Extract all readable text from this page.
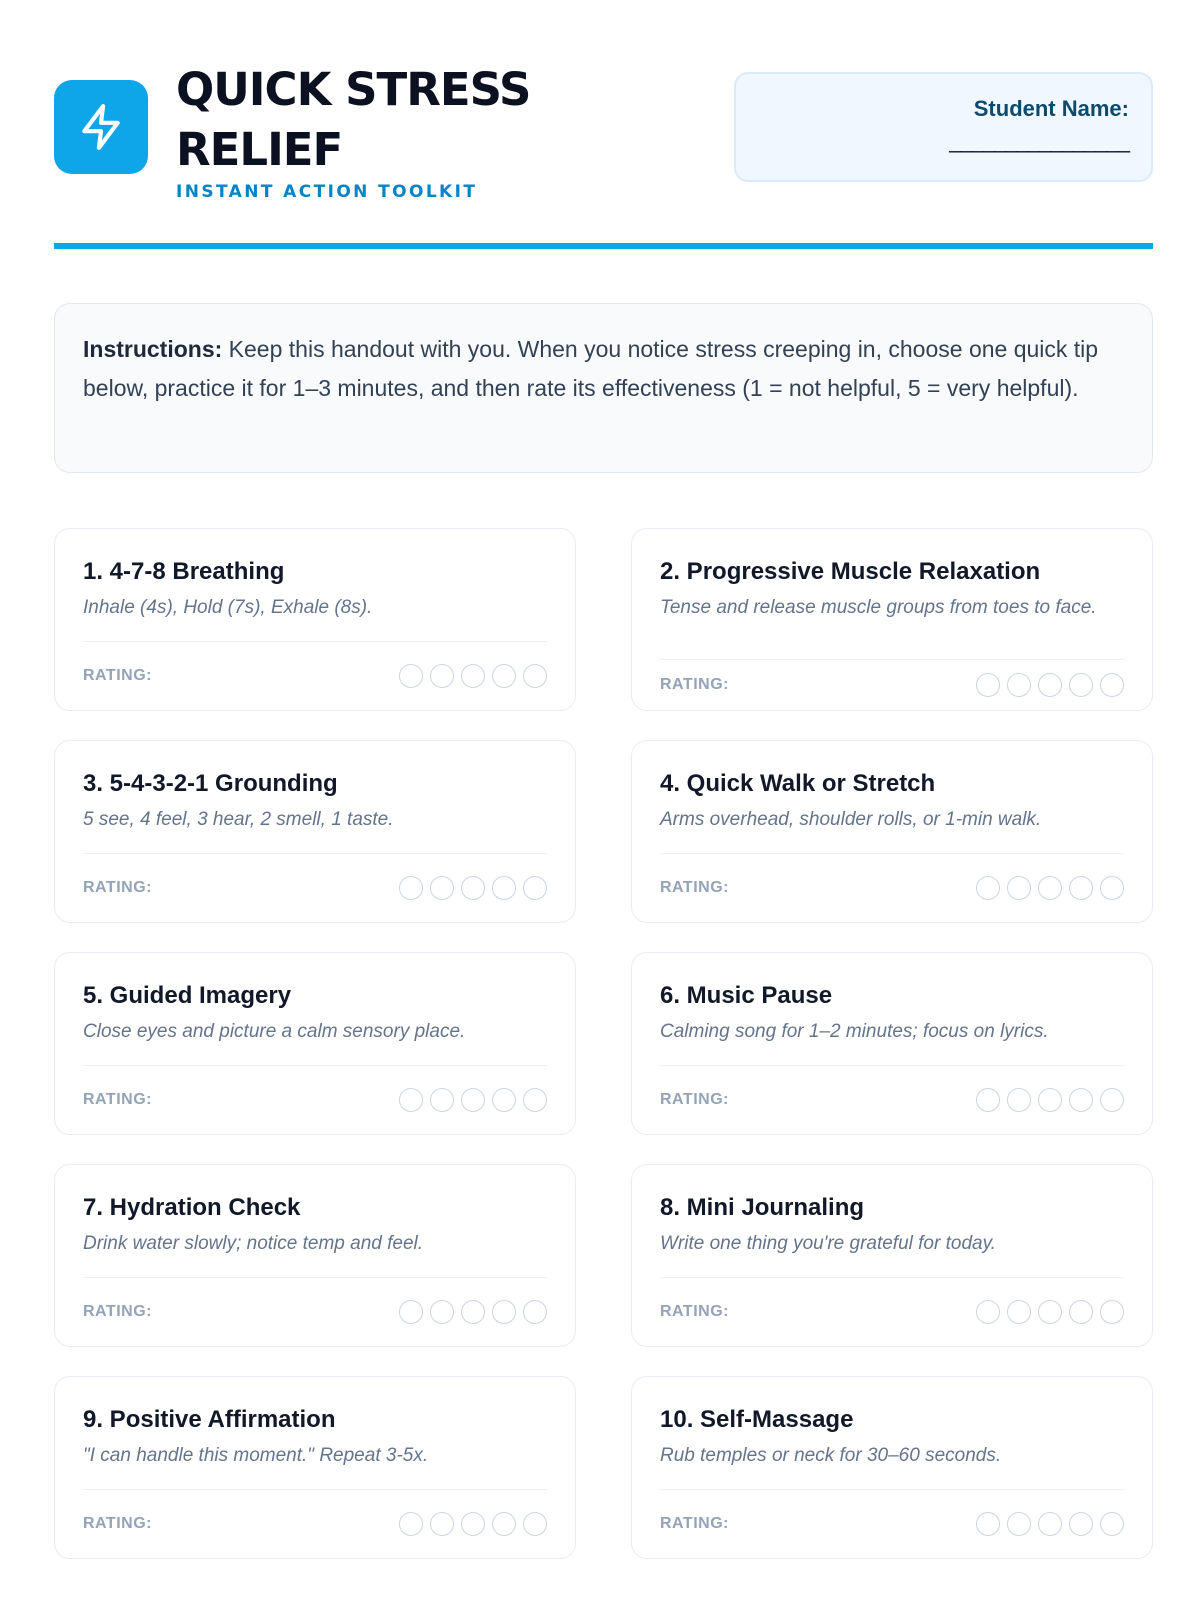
QUICK STRESS RELIEF
INSTANT ACTION TOOLKIT
Student Name:
________________
Instructions: Keep this handout with you. When you notice stress creeping in, choose one quick tip below, practice it for 1–3 minutes, and then rate its effectiveness (1 = not helpful, 5 = very helpful).
1. 4-7-8 Breathing

Inhale (4s), Hold (7s), Exhale (8s).

RATING:
2. Progressive Muscle Relaxation

Tense and release muscle groups from toes to face.

RATING:
3. 5-4-3-2-1 Grounding

5 see, 4 feel, 3 hear, 2 smell, 1 taste.

RATING:
4. Quick Walk or Stretch

Arms overhead, shoulder rolls, or 1-min walk.

RATING:
5. Guided Imagery

Close eyes and picture a calm sensory place.

RATING:
6. Music Pause

Calming song for 1–2 minutes; focus on lyrics.

RATING:
7. Hydration Check

Drink water slowly; notice temp and feel.

RATING:
8. Mini Journaling

Write one thing you're grateful for today.

RATING:
9. Positive Affirmation

"I can handle this moment." Repeat 3-5x.

RATING:
10. Self-Massage

Rub temples or neck for 30–60 seconds.

RATING:
